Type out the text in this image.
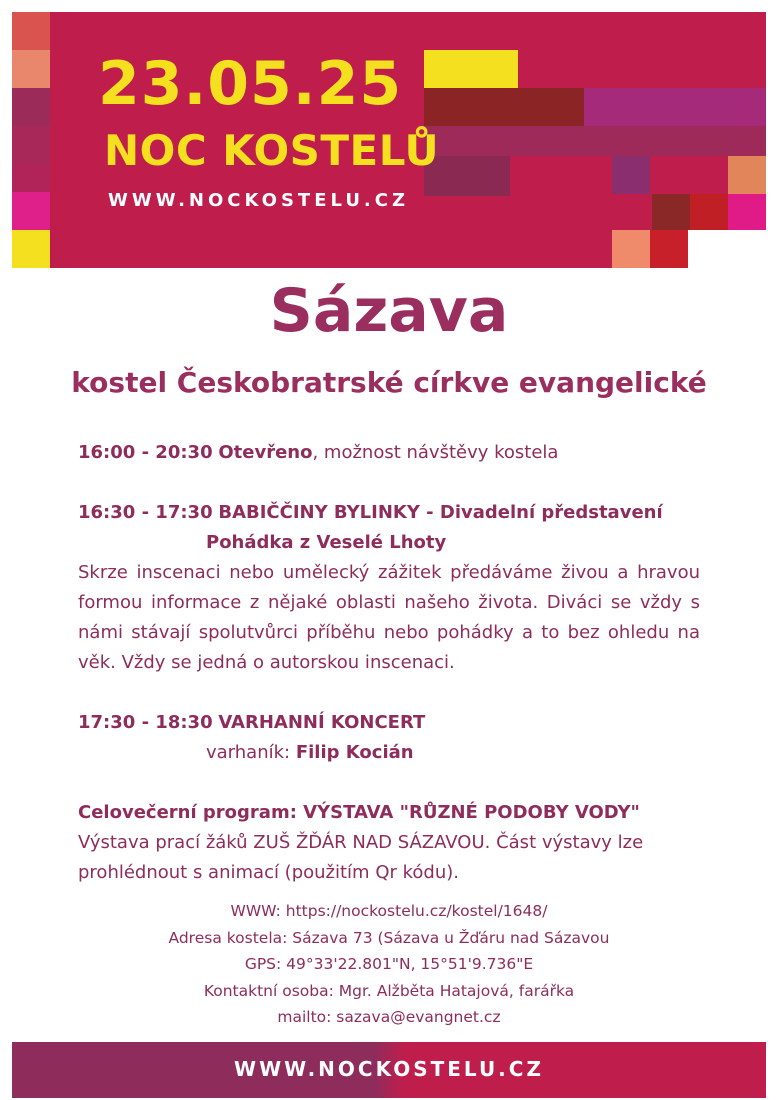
23.05.25
NOC KOSTELŮ
WWW.NOCKOSTELU.CZ
Sázava
kostel Českobratrské církve evangelické

16:00 - 20:30 Otevřeno, možnost návštěvy kostela

16:30 - 17:30 BABIČČINY BYLINKY - Divadelní představení

Pohádka z Veselé Lhoty

Skrze inscenaci nebo umělecký zážitek předáváme živou a hravou formou informace z nějaké oblasti našeho života. Diváci se vždy s námi stávají spolutvůrci příběhu nebo pohádky a to bez ohledu na věk. Vždy se jedná o autorskou inscenaci.

17:30 - 18:30 VARHANNÍ KONCERT

varhaník: Filip Kocián

Celovečerní program: VÝSTAVA "RŮZNÉ PODOBY VODY"

Výstava prací žáků ZUŠ ŽĎÁR NAD SÁZAVOU. Část výstavy lze prohlédnout s animací (použitím Qr kódu).

WWW: https://nockostelu.cz/kostel/1648/
Adresa kostela: Sázava 73 (Sázava u Žďáru nad Sázavou
GPS: 49°33'22.801"N, 15°51'9.736"E
Kontaktní osoba: Mgr. Alžběta Hatajová, farářka
mailto: sazava@evangnet.cz
WWW.NOCKOSTELU.CZ
